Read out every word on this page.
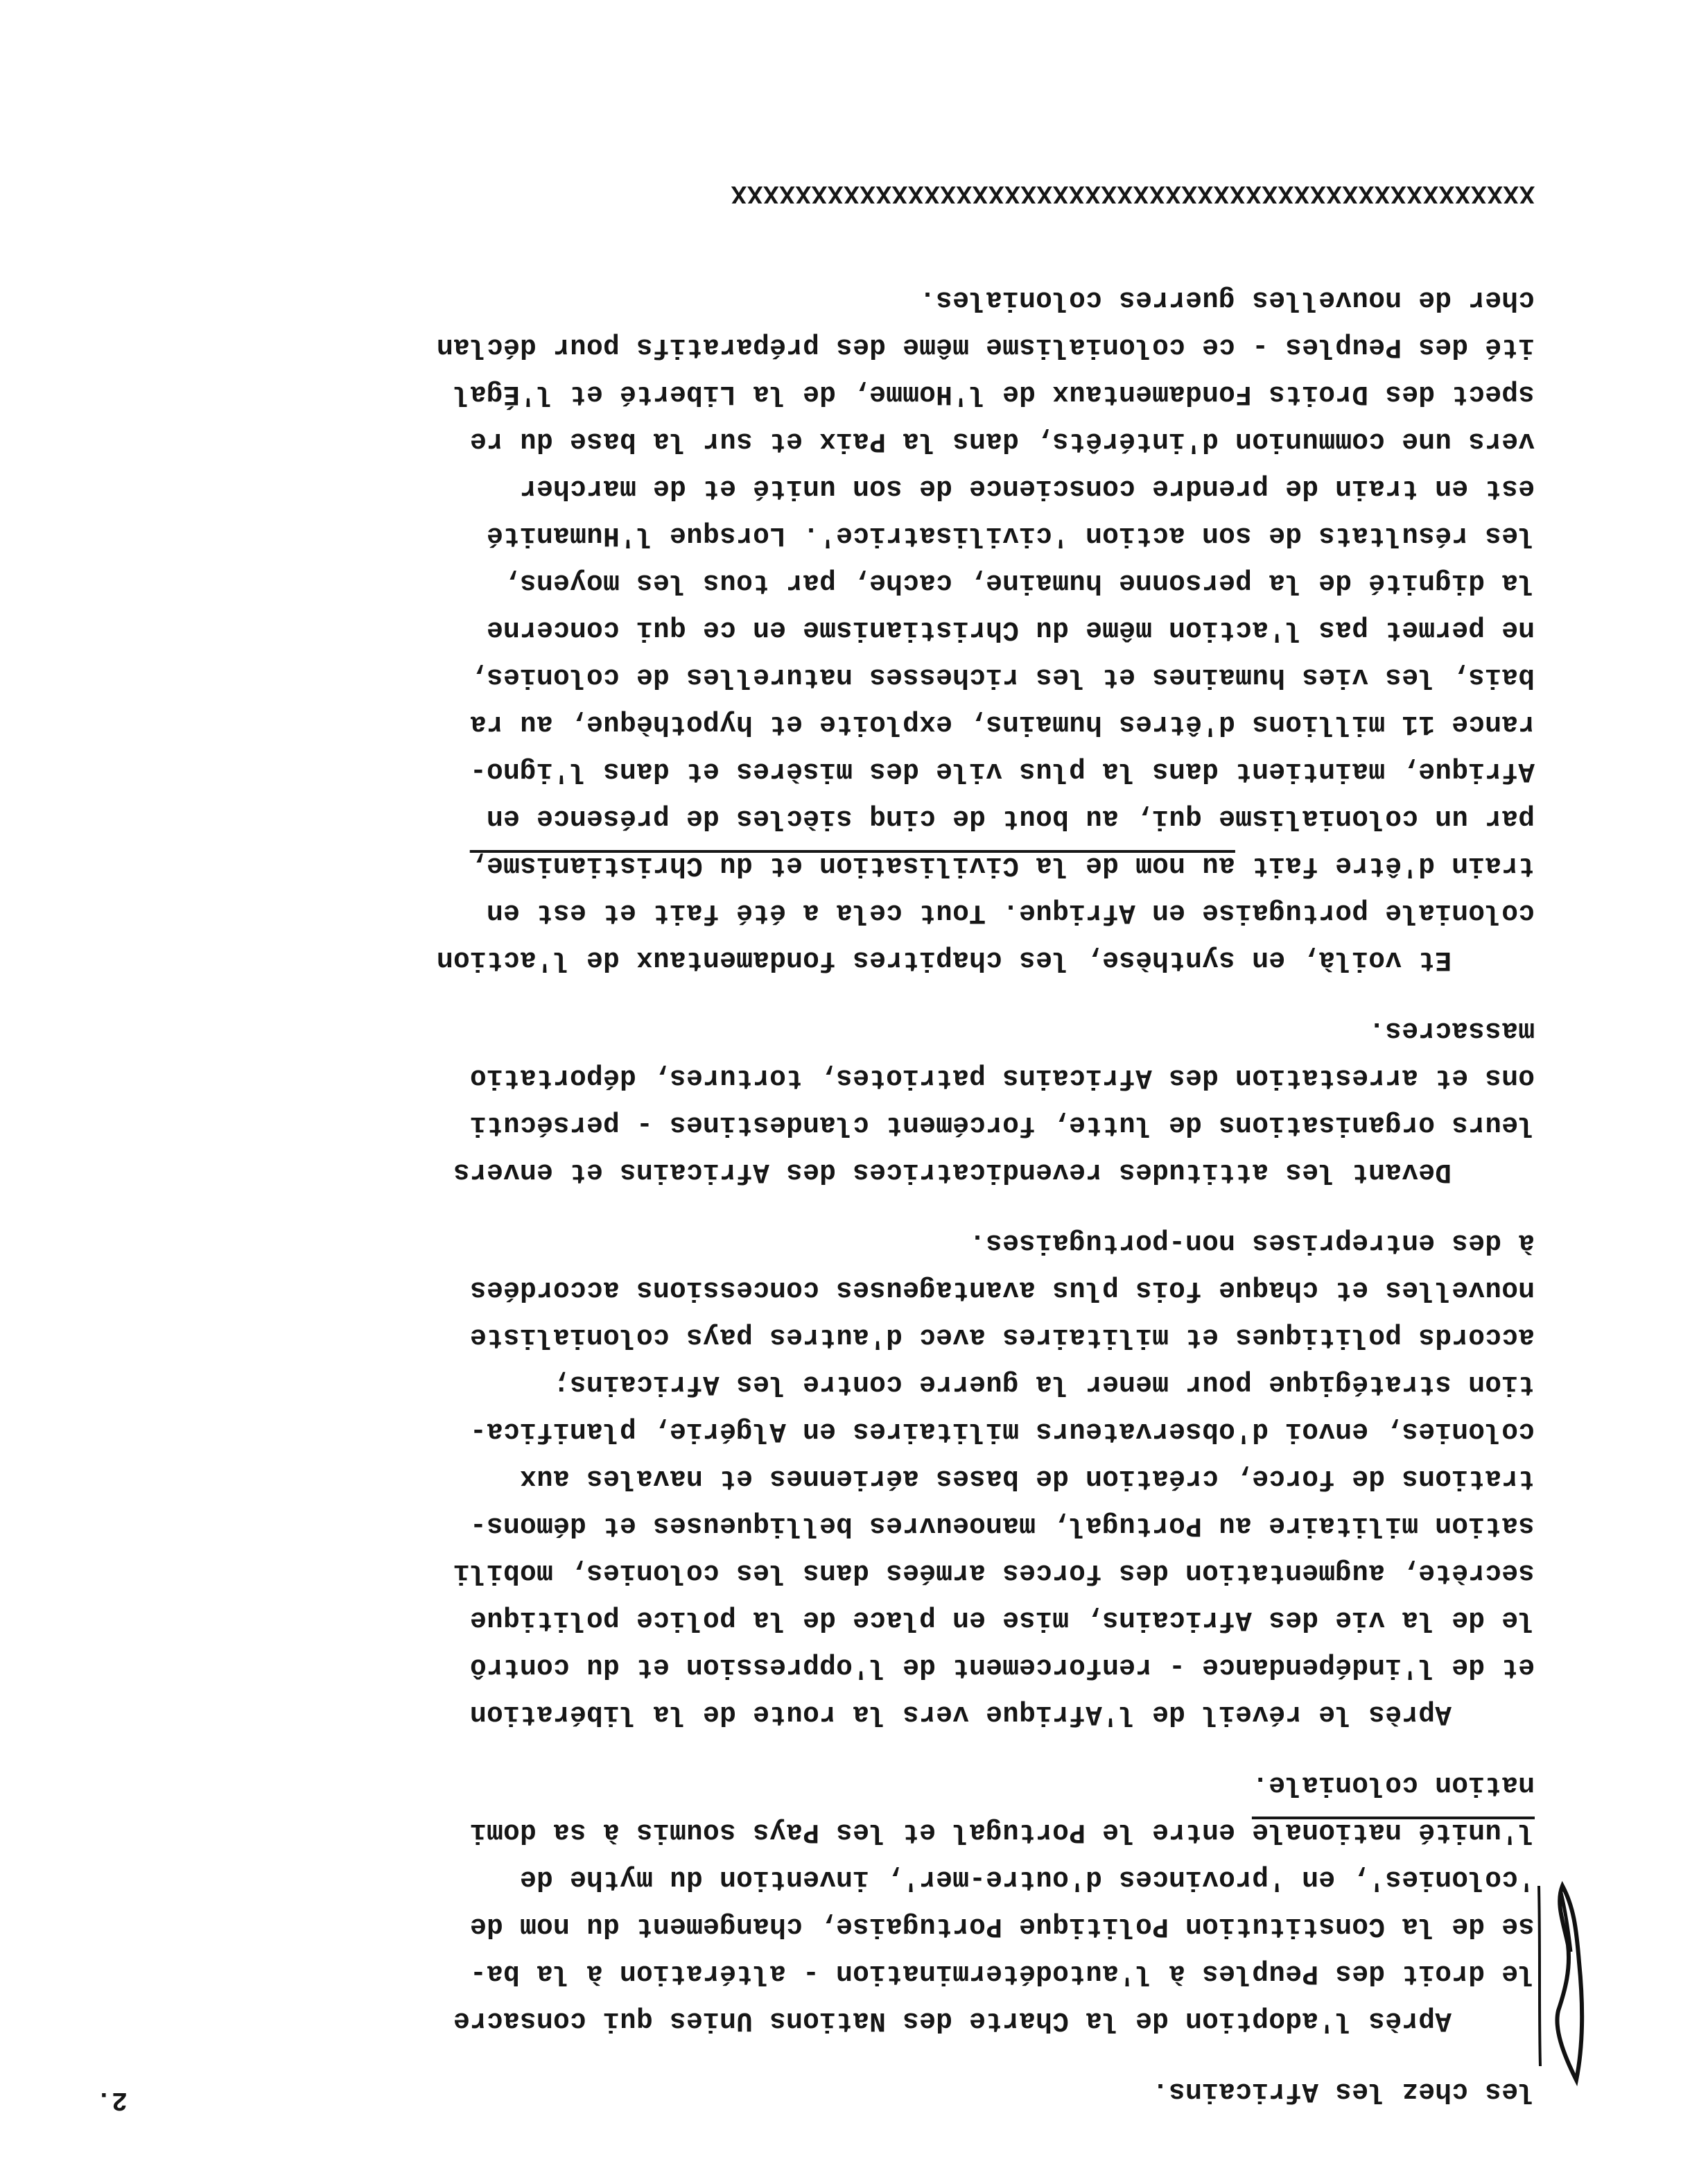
2.	les chez les Africains.
Après l'adoption de la Charte des Nations Unies qui consacre
le droit des Peuples à l'autodétermination - altération à la ba-
se de la Constitution Politique Portugaise, changement du nom de
'colonies', en 'provinces d'outre-mer', invention du mythe de
l'unité nationale entre le Portugal et les Pays soumis à sa domi
nation coloniale.
Après le réveil de l'Afrique vers la route de la libération
et de l'indépendance - renforcement de l'oppression et du contrô
le de la vie des Africains, mise en place de la police politique
secrète, augmentation des forces armées dans les colonies, mobili
sation militaire au Portugal, manoeuvres belliqueuses et démons-
trations de force, création de bases aériennes et navales aux
colonies, envoi d'observateurs militaires en Algérie, planifica-
tion stratégique pour mener la guerre contre les Africains;
accords politiques et militaires avec d'autres pays colonialiste
nouvelles et chaque fois plus avantageuses concessions accordées
à des entreprises non-portugaises.
Devant les attitudes revendicatrices des Africains et envers
leurs organisations de lutte, forcément clandestines - persécuti
ons et arrestation des Africains patriotes, tortures, déportatio
massacres.
Et voilà, en synthèse, les chapitres fondamentaux de l'action
coloniale portugaise en Afrique. Tout cela a été fait et est en
train d'être fait au nom de la Civilisation et du Christianisme,
par un colonialisme qui, au bout de cinq siècles de présence en
Afrique, maintient dans la plus vile des misères et dans l'igno-
rance 11 millions d'êtres humains, exploite et hypothèque, au ra
bais, les vies humaines et les richesses naturelles de colonies,
ne permet pas l'action même du Christianisme en ce qui concerne
la dignité de la personne humaine, cache, par tous les moyens,
les résultats de son action 'civilisatrice'. Lorsque l'Humanité
est en train de prendre conscience de son unité et de marcher
vers une communion d'intérêts, dans la Paix et sur la base du re
spect des Droits Fondamentaux de l'Homme, de la Liberté et l'Égal
ité des Peuples - ce colonialisme même des préparatifs pour déclan
cher de nouvelles guerres coloniales.
XXXXXXXXXXXXXXXXXXXXXXXXXXXXXXXXXXXXXXXXXXXXXXXXXX
